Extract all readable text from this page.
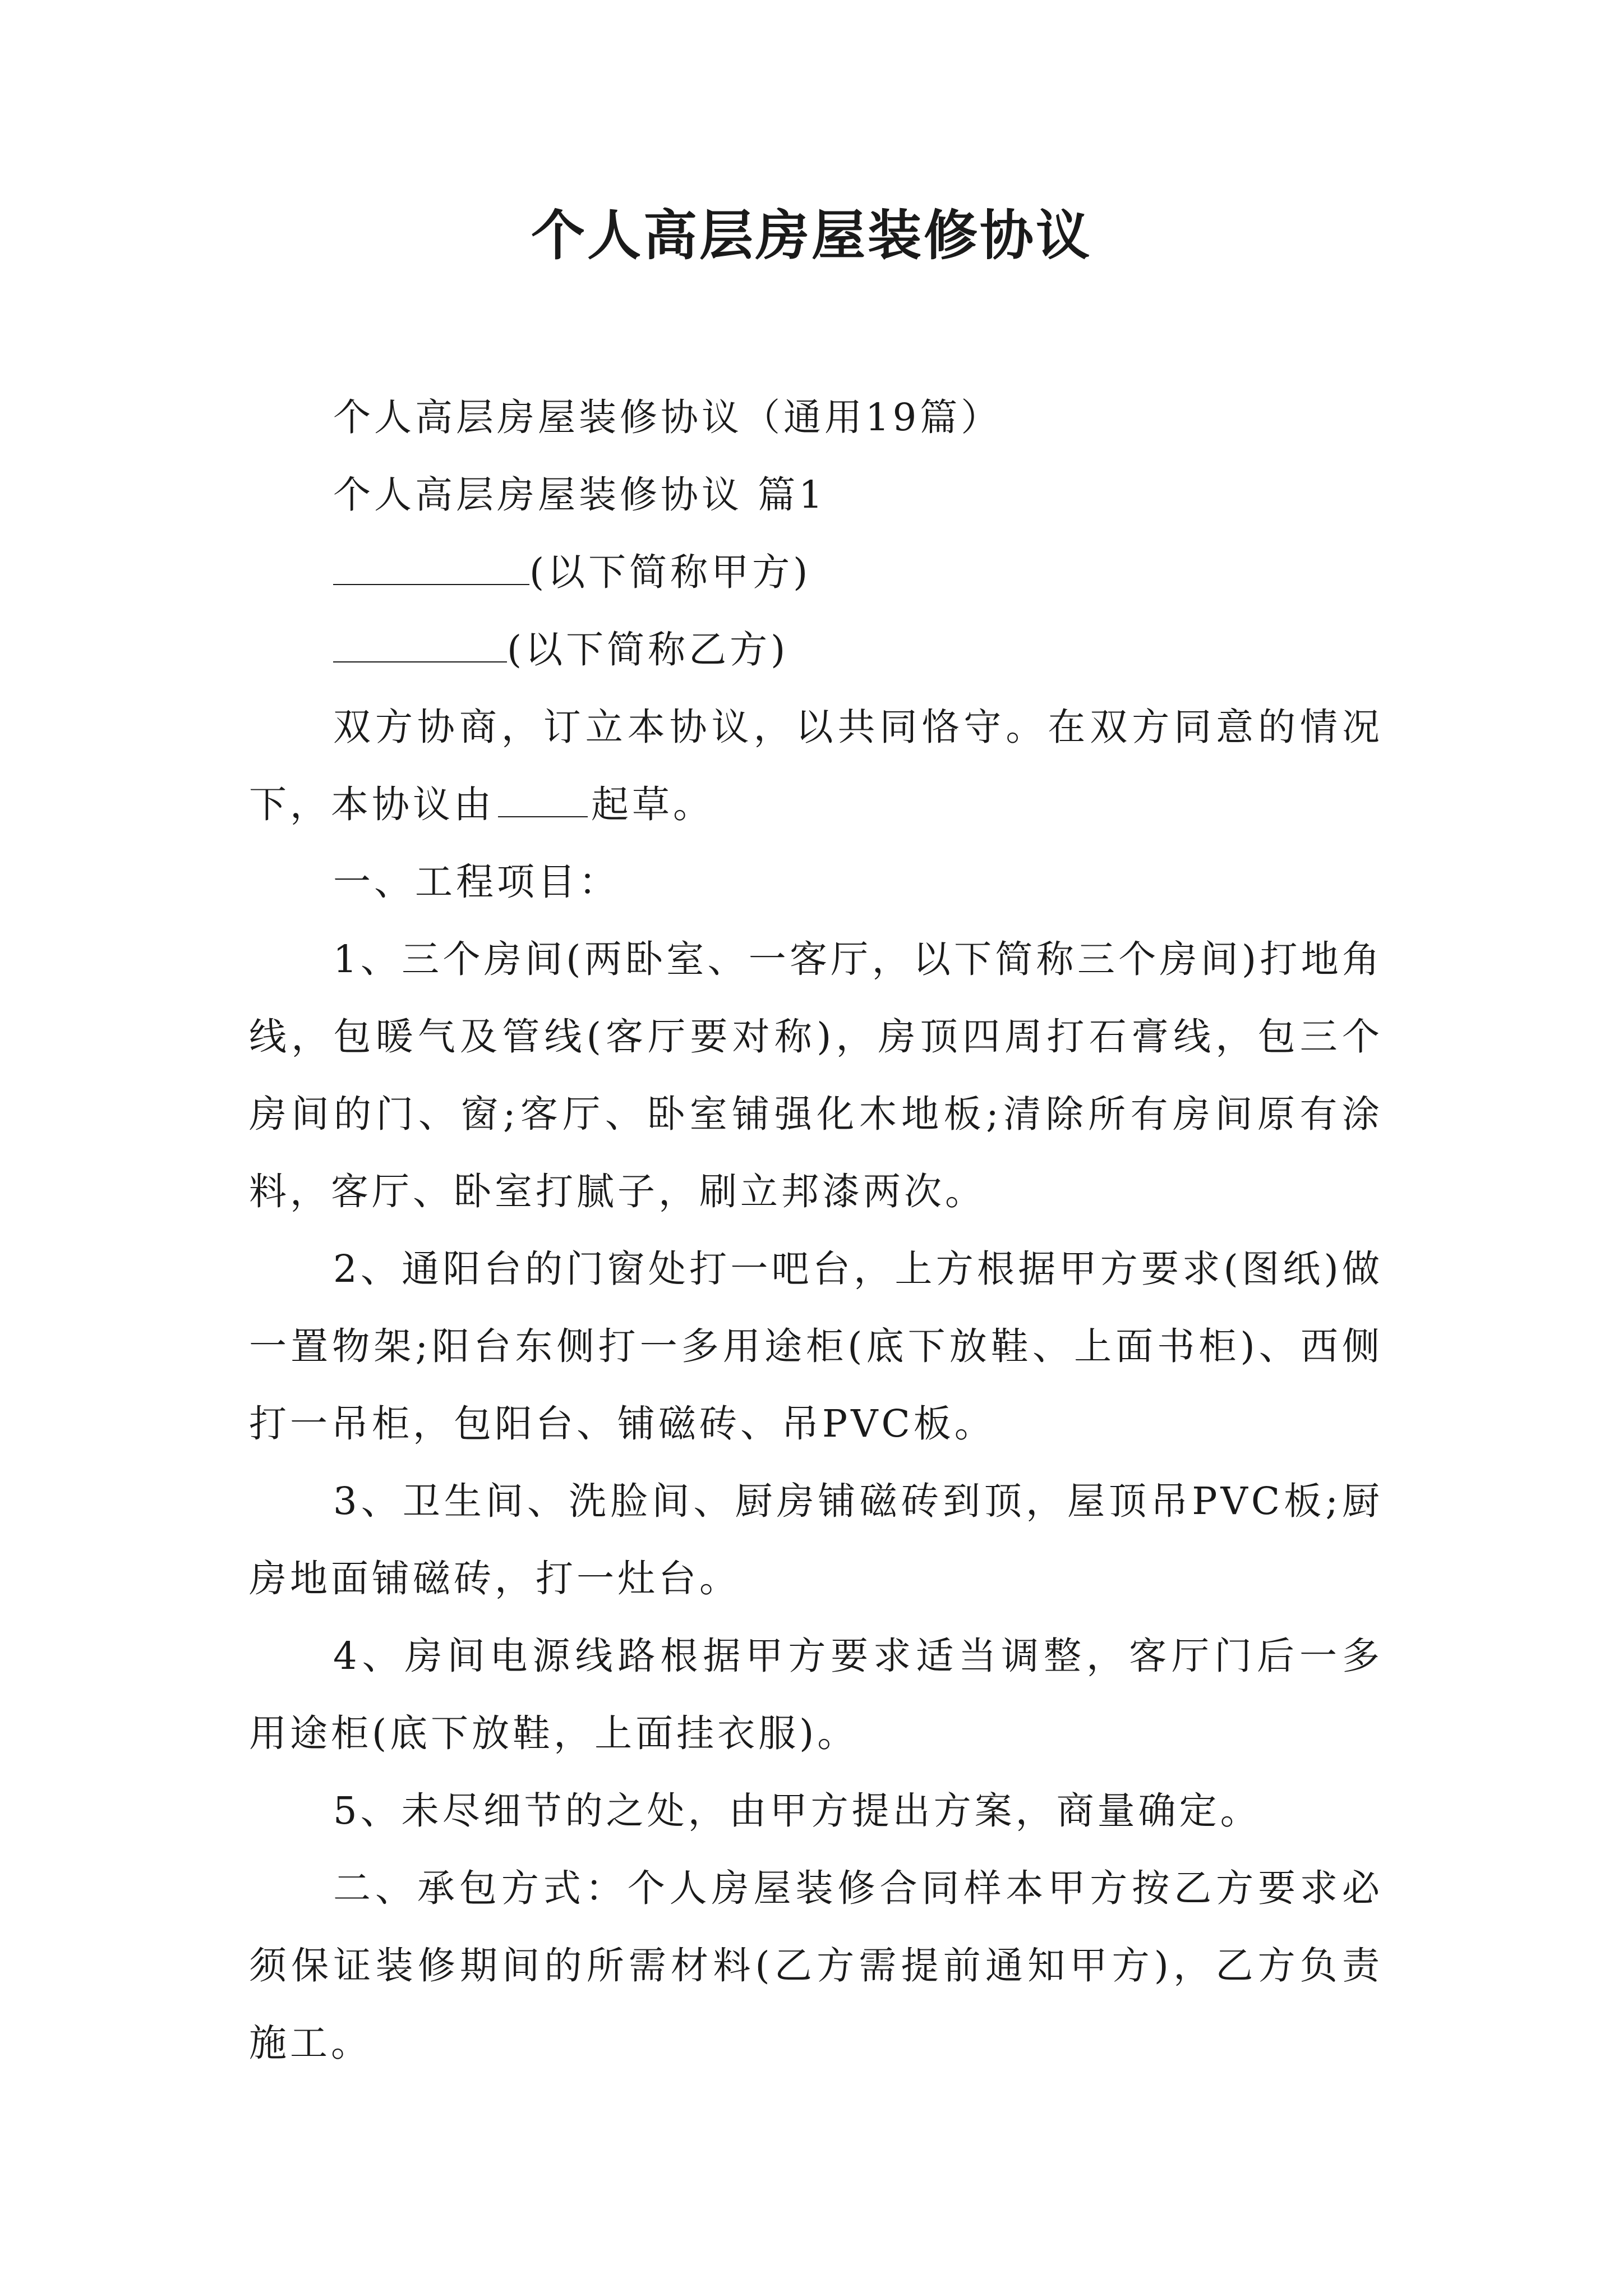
个人高层房屋装修协议

个人高层房屋装修协议（通用19篇）

个人高层房屋装修协议 篇1

(以下简称甲方)

(以下简称乙方)

双方协商，订立本协议，以共同恪守。在双方同意的情况下，本协议由	起草。

一、工程项目：

1、三个房间(两卧室、一客厅，以下简称三个房间)打地角线，包暖气及管线(客厅要对称)，房顶四周打石膏线，包三个房间的门、窗;客厅、卧室铺强化木地板;清除所有房间原有涂料，客厅、卧室打腻子，刷立邦漆两次。

2、通阳台的门窗处打一吧台，上方根据甲方要求(图纸)做一置物架;阳台东侧打一多用途柜(底下放鞋、上面书柜)、西侧打一吊柜，包阳台、铺磁砖、吊PVC板。

3、卫生间、洗脸间、厨房铺磁砖到顶，屋顶吊PVC板;厨房地面铺磁砖，打一灶台。

4、房间电源线路根据甲方要求适当调整，客厅门后一多用途柜(底下放鞋，上面挂衣服)。

5、未尽细节的之处，由甲方提出方案，商量确定。

二、承包方式：个人房屋装修合同样本甲方按乙方要求必须保证装修期间的所需材料(乙方需提前通知甲方)，乙方负责施工。
